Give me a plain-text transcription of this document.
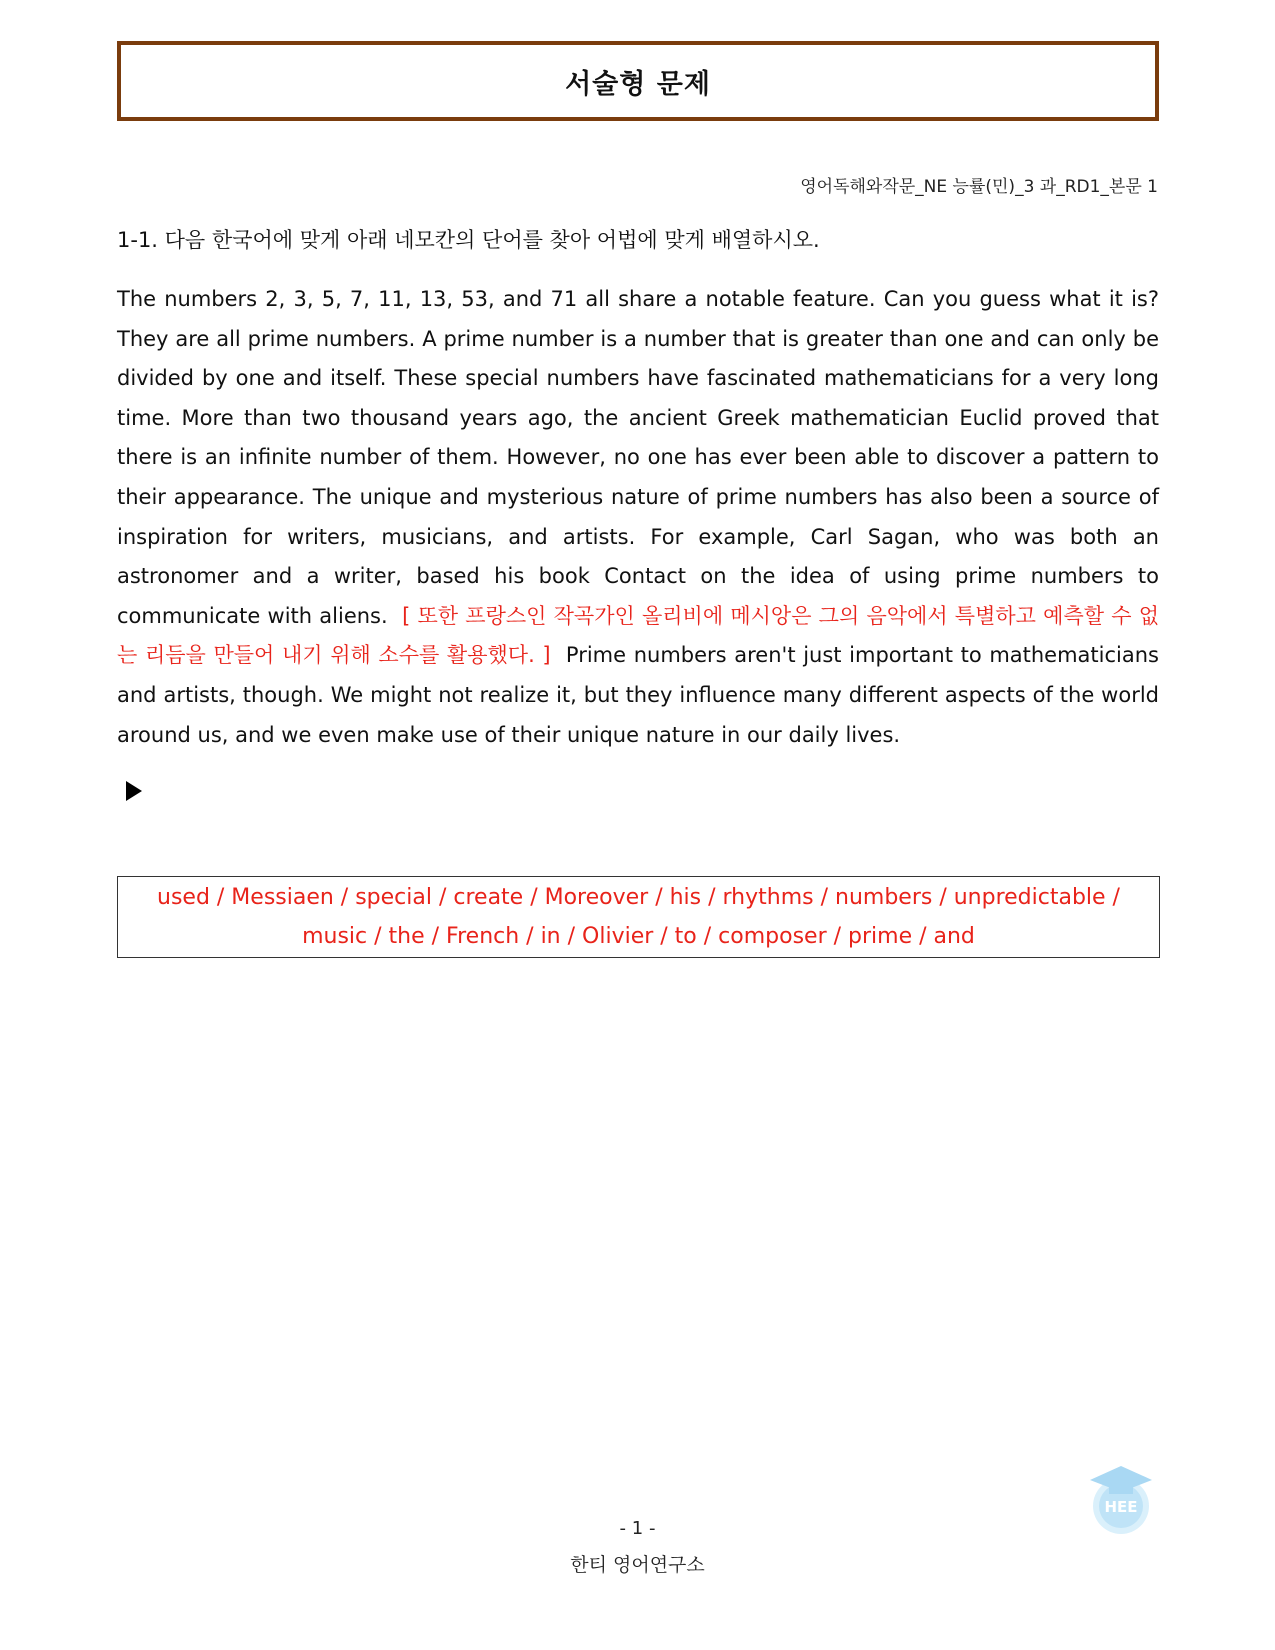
서술형 문제
영어독해와작문_NE 능률(민)_3 과_RD1_본문 1
1-1. 다음 한국어에 맞게 아래 네모칸의 단어를 찾아 어법에 맞게 배열하시오.
The numbers 2, 3, 5, 7, 11, 13, 53, and 71 all share a notable feature. Can you guess what it is? They are all prime numbers. A prime number is a number that is greater than one and can only be divided by one and itself. These special numbers have fascinated mathematicians for a very long time. More than two thousand years ago, the ancient Greek mathematician Euclid proved that there is an infinite number of them. However, no one has ever been able to discover a pattern to their appearance. The unique and mysterious nature of prime numbers has also been a source of inspiration for writers, musicians, and artists. For example, Carl Sagan, who was both an astronomer and a writer, based his book Contact on the idea of using prime numbers to communicate with aliens. [ 또한 프랑스인 작곡가인 올리비에 메시앙은 그의 음악에서 특별하고 예측할 수 없는 리듬을 만들어 내기 위해 소수를 활용했다. ] Prime numbers aren't just important to mathematicians and artists, though. We might not realize it, but they influence many different aspects of the world around us, and we even make use of their unique nature in our daily lives.

used / Messiaen / special / create / Moreover / his / rhythms / numbers / unpredictable / music / the / French / in / Olivier / to / composer / prime / and

- 1 -
한티 영어연구소
HEE
